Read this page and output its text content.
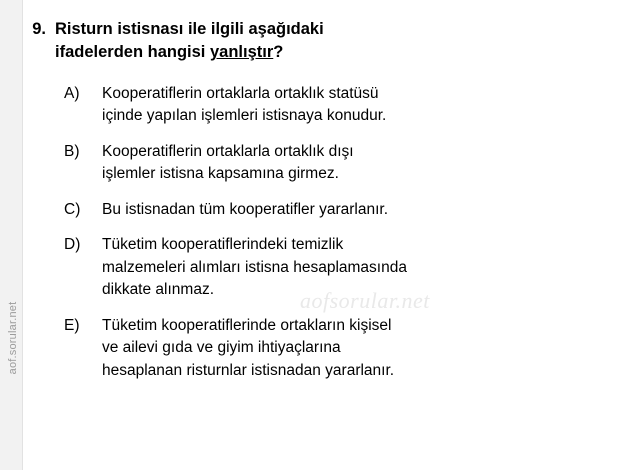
aof.sorular.net
9. Risturn istisnası ile ilgili aşağıdaki
ifadelerden hangisi yanlıştır?
A)	Kooperatiflerin ortaklarla ortaklık statüsü
içinde yapılan işlemleri istisnaya konudur.
B)	Kooperatiflerin ortaklarla ortaklık dışı
işlemler istisna kapsamına girmez.
C)	Bu istisnadan tüm kooperatifler yararlanır.
D)	Tüketim kooperatiflerindeki temizlik
malzemeleri alımları istisna hesaplamasında
dikkate alınmaz.
E)	Tüketim kooperatiflerinde ortakların kişisel
ve ailevi gıda ve giyim ihtiyaçlarına
hesaplanan risturnlar istisnadan yararlanır.
aofsorular.net
